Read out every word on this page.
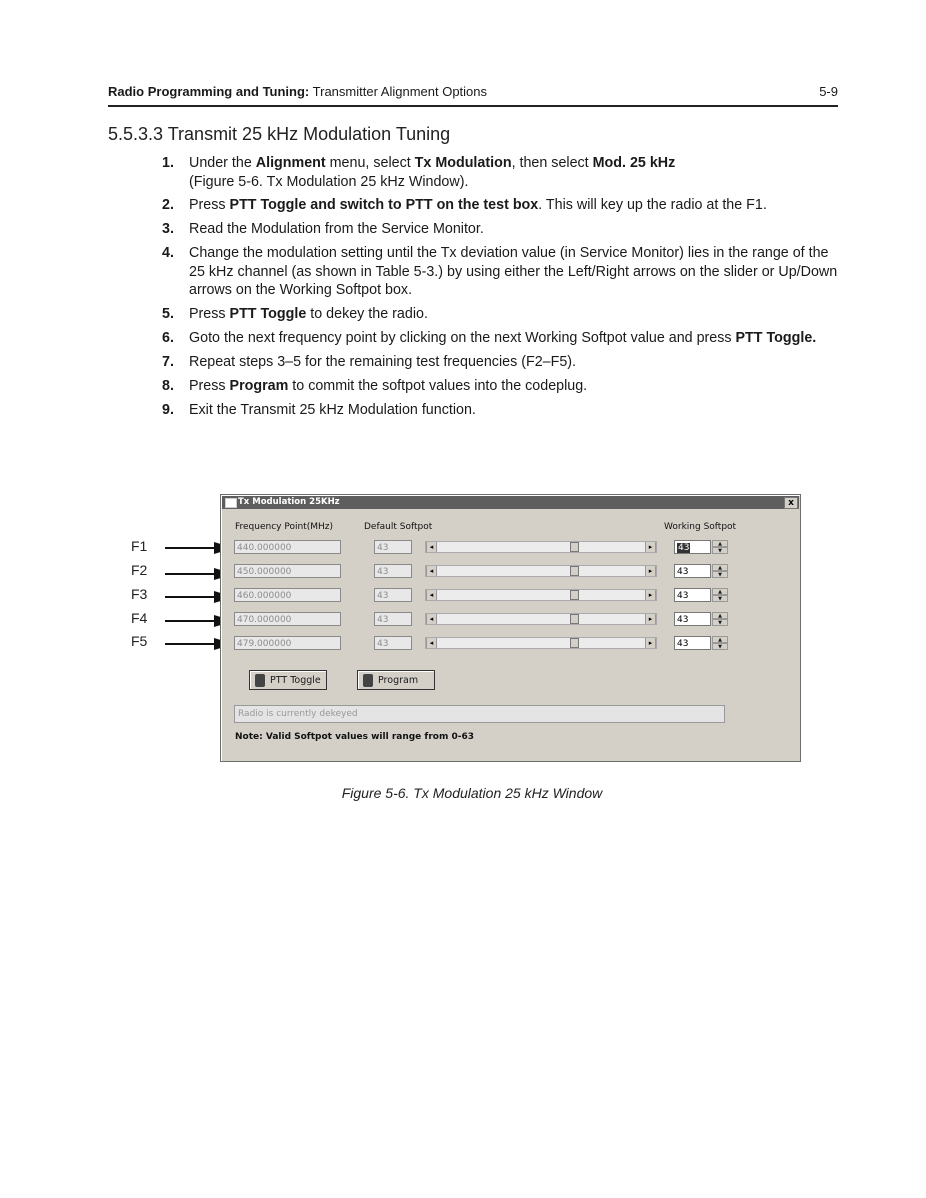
Radio Programming and Tuning: Transmitter Alignment Options	5-9
5.5.3.3 Transmit 25 kHz Modulation Tuning
1. Under the Alignment menu, select Tx Modulation, then select Mod. 25 kHz
(Figure 5-6. Tx Modulation 25 kHz Window).
2. Press PTT Toggle and switch to PTT on the test box. This will key up the radio at the F1.
3. Read the Modulation from the Service Monitor.
4. Change the modulation setting until the Tx deviation value (in Service Monitor) lies in the range of the 25 kHz channel (as shown in Table 5-3.) by using either the Left/Right arrows on the slider or Up/Down arrows on the Working Softpot box.
5. Press PTT Toggle to dekey the radio.
6. Goto the next frequency point by clicking on the next Working Softpot value and press PTT Toggle.
7. Repeat steps 3–5 for the remaining test frequencies (F2–F5).
8. Press Program to commit the softpot values into the codeplug.
9. Exit the Transmit 25 kHz Modulation function.
F1
F2
F3
F4
F5
Tx Modulation 25KHz	x
Frequency Point(MHz)	Default Softpot	Working Softpot
440.000000	43	◂	▸	43	▲
▼
450.000000	43	◂	▸	43	▲
▼
460.000000	43	◂	▸	43	▲
▼
470.000000	43	◂	▸	43	▲
▼
479.000000	43	◂	▸	43	▲
▼
PTT Toggle	Program
Radio is currently dekeyed
Note: Valid Softpot values will range from 0-63
Figure 5-6. Tx Modulation 25 kHz Window
